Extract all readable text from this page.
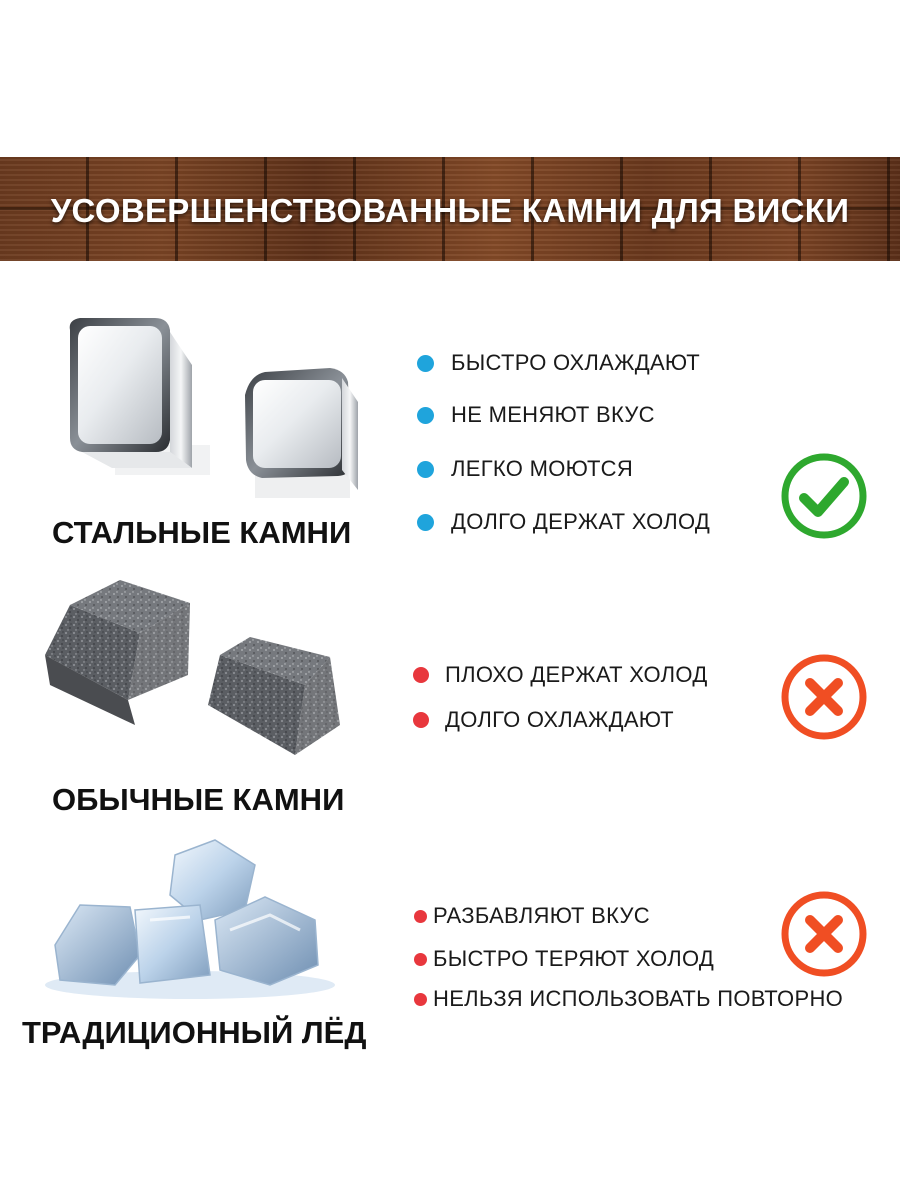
УСОВЕРШЕНСТВОВАННЫЕ КАМНИ ДЛЯ ВИСКИ
СТАЛЬНЫЕ КАМНИ
БЫСТРО ОХЛАЖДАЮТ
НЕ МЕНЯЮТ ВКУС
ЛЕГКО МОЮТСЯ
ДОЛГО ДЕРЖАТ ХОЛОД
ОБЫЧНЫЕ КАМНИ
ПЛОХО ДЕРЖАТ ХОЛОД
ДОЛГО ОХЛАЖДАЮТ
ТРАДИЦИОННЫЙ ЛЁД
РАЗБАВЛЯЮТ ВКУС
БЫСТРО ТЕРЯЮТ ХОЛОД
НЕЛЬЗЯ ИСПОЛЬЗОВАТЬ ПОВТОРНО
